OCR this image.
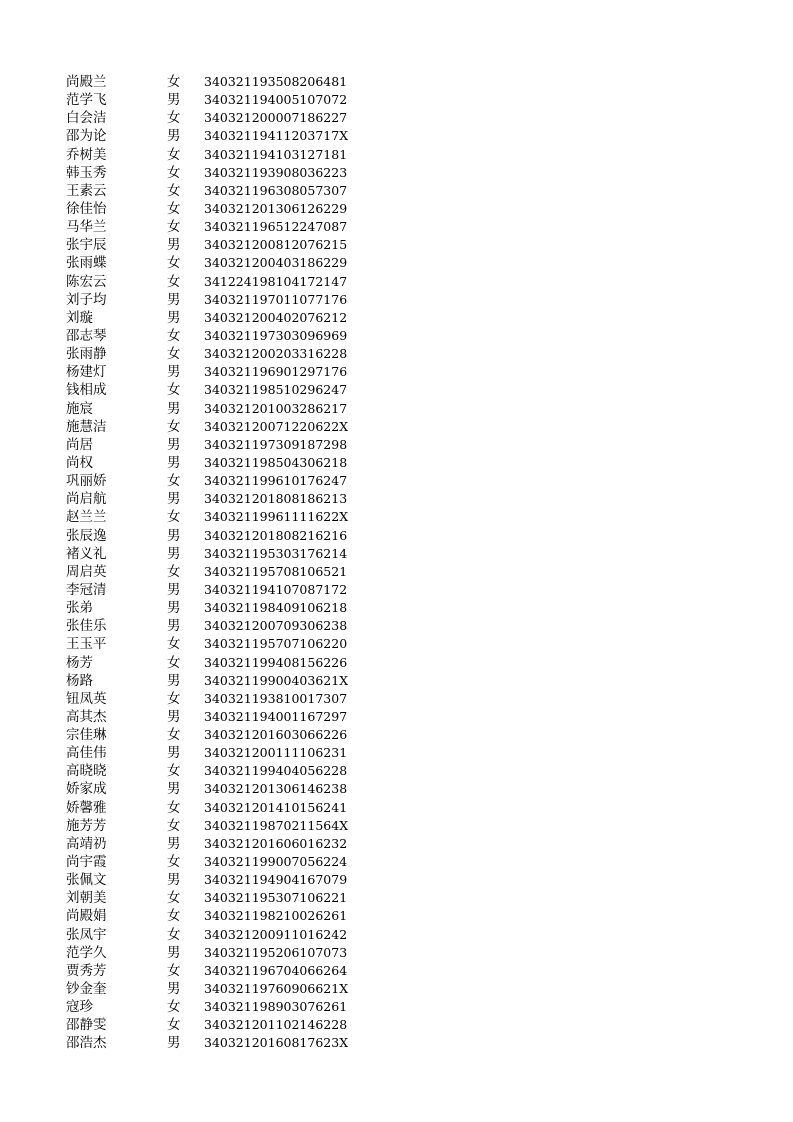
尚殿兰	女 340321193508206481
范学飞	男 340321194005107072
白会洁	女 340321200007186227
邵为论	男 34032119411203717X
乔树美	女 340321194103127181
韩玉秀	女 340321193908036223
王素云	女 340321196308057307
徐佳怡	女 340321201306126229
马华兰	女 340321196512247087
张宇辰	男 340321200812076215
张雨蝶	女 340321200403186229
陈宏云	女 341224198104172147
刘子均	男 340321197011077176
刘璇	男 340321200402076212
邵志琴	女 340321197303096969
张雨静	女 340321200203316228
杨建灯	男 340321196901297176
钱相成	女 340321198510296247
施宸	男 340321201003286217
施慧洁	女 34032120071220622X
尚居	男 340321197309187298
尚权	男 340321198504306218
巩丽娇	女 340321199610176247
尚启航	男 340321201808186213
赵兰兰	女 34032119961111622X
张辰逸	男 340321201808216216
褚义礼	男 340321195303176214
周启英	女 340321195708106521
李冠清	男 340321194107087172
张弟	男 340321198409106218
张佳乐	男 340321200709306238
王玉平	女 340321195707106220
杨芳	女 340321199408156226
杨路	男 34032119900403621X
钮凤英	女 340321193810017307
高其杰	男 340321194001167297
宗佳琳	女 340321201603066226
高佳伟	男 340321200111106231
高晓晓	女 340321199404056228
娇家成	男 340321201306146238
娇馨雅	女 340321201410156241
施芳芳	女 34032119870211564X
高靖礽	男 340321201606016232
尚宇霞	女 340321199007056224
张佩文	男 340321194904167079
刘朝美	女 340321195307106221
尚殿娟	女 340321198210026261
张凤宇	女 340321200911016242
范学久	男 340321195206107073
贾秀芳	女 340321196704066264
钞金奎	男 34032119760906621X
寇珍	女 340321198903076261
邵静雯	女 340321201102146228
邵浩杰	男 34032120160817623X
